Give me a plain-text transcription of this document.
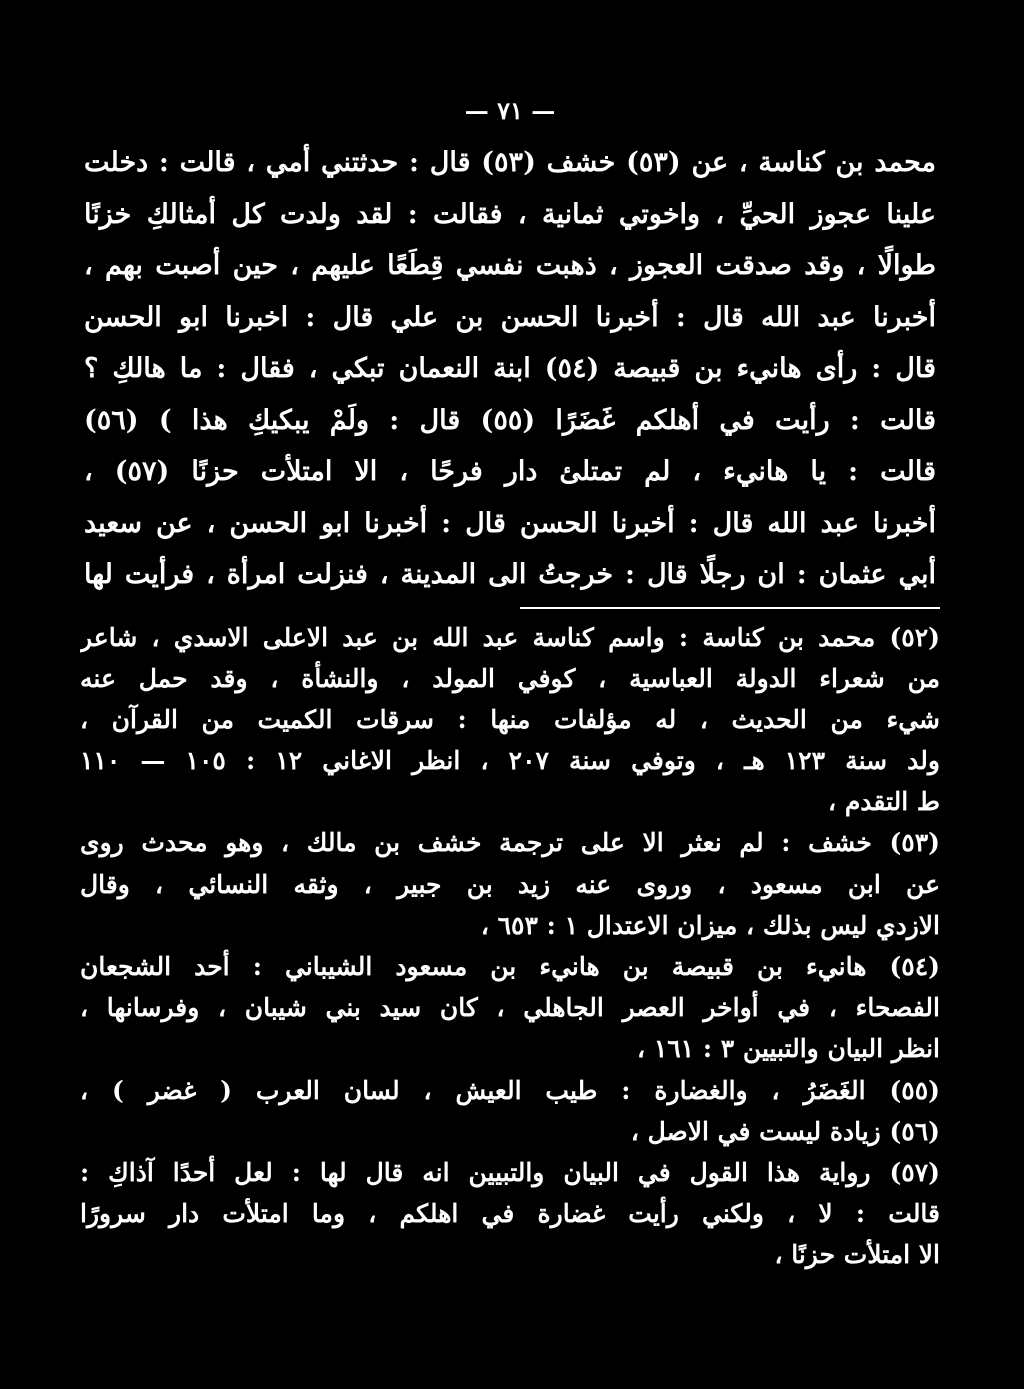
— ٧١ —
محمد بن كناسة ، عن (٥٣) خشف (٥٣) قال : حدثتني أمي ، قالت : دخلت
علينا عجوز الحيِّ ، واخوتي ثمانية ، فقالت : لقد ولدت كل أمثالكِ خزنًا
طوالًا ، وقد صدقت العجوز ، ذهبت نفسي قِطَعًا عليهم ، حين أصبت بهم ،
أخبرنا عبد الله قال : أخبرنا الحسن بن علي قال : اخبرنا ابو الحسن
قال : رأى هانيء بن قبيصة (٥٤) ابنة النعمان تبكي ، فقال : ما هالكِ ؟
قالت : رأيت في أهلكم غَضَرًا (٥٥) قال : ولَمْ يبكيكِ هذا ) (٥٦)
قالت : يا هانيء ، لم تمتلئ دار فرحًا ، الا امتلأت حزنًا (٥٧) ،
أخبرنا عبد الله قال : أخبرنا الحسن قال : أخبرنا ابو الحسن ، عن سعيد
أبي عثمان : ان رجلًا قال : خرجتُ الى المدينة ، فنزلت امرأة ، فرأيت لها
(٥٢) محمد بن كناسة : واسم كناسة عبد الله بن عبد الاعلى الاسدي ، شاعر
من شعراء الدولة العباسية ، كوفي المولد ، والنشأة ، وقد حمل عنه
شيء من الحديث ، له مؤلفات منها : سرقات الكميت من القرآن ،
ولد سنة ١٢٣ هـ ، وتوفي سنة ٢٠٧ ، انظر الاغاني ١٢ : ١٠٥ — ١١٠
ط التقدم ،
(٥٣) خشف : لم نعثر الا على ترجمة خشف بن مالك ، وهو محدث روى
عن ابن مسعود ، وروى عنه زيد بن جبير ، وثقه النسائي ، وقال
الازدي ليس بذلك ، ميزان الاعتدال ١ : ٦٥٣ ،
(٥٤) هانيء بن قبيصة بن هانيء بن مسعود الشيباني : أحد الشجعان
الفصحاء ، في أواخر العصر الجاهلي ، كان سيد بني شيبان ، وفرسانها ،
انظر البيان والتبيين ٣ : ١٦١ ،
(٥٥) الغَضَرُ ، والغضارة : طيب العيش ، لسان العرب ( غضر ) ،
(٥٦) زيادة ليست في الاصل ،
(٥٧) رواية هذا القول في البيان والتبيين انه قال لها : لعل أحدًا آذاكِ :
قالت : لا ، ولكني رأيت غضارة في اهلكم ، وما امتلأت دار سرورًا
الا امتلأت حزنًا ،
